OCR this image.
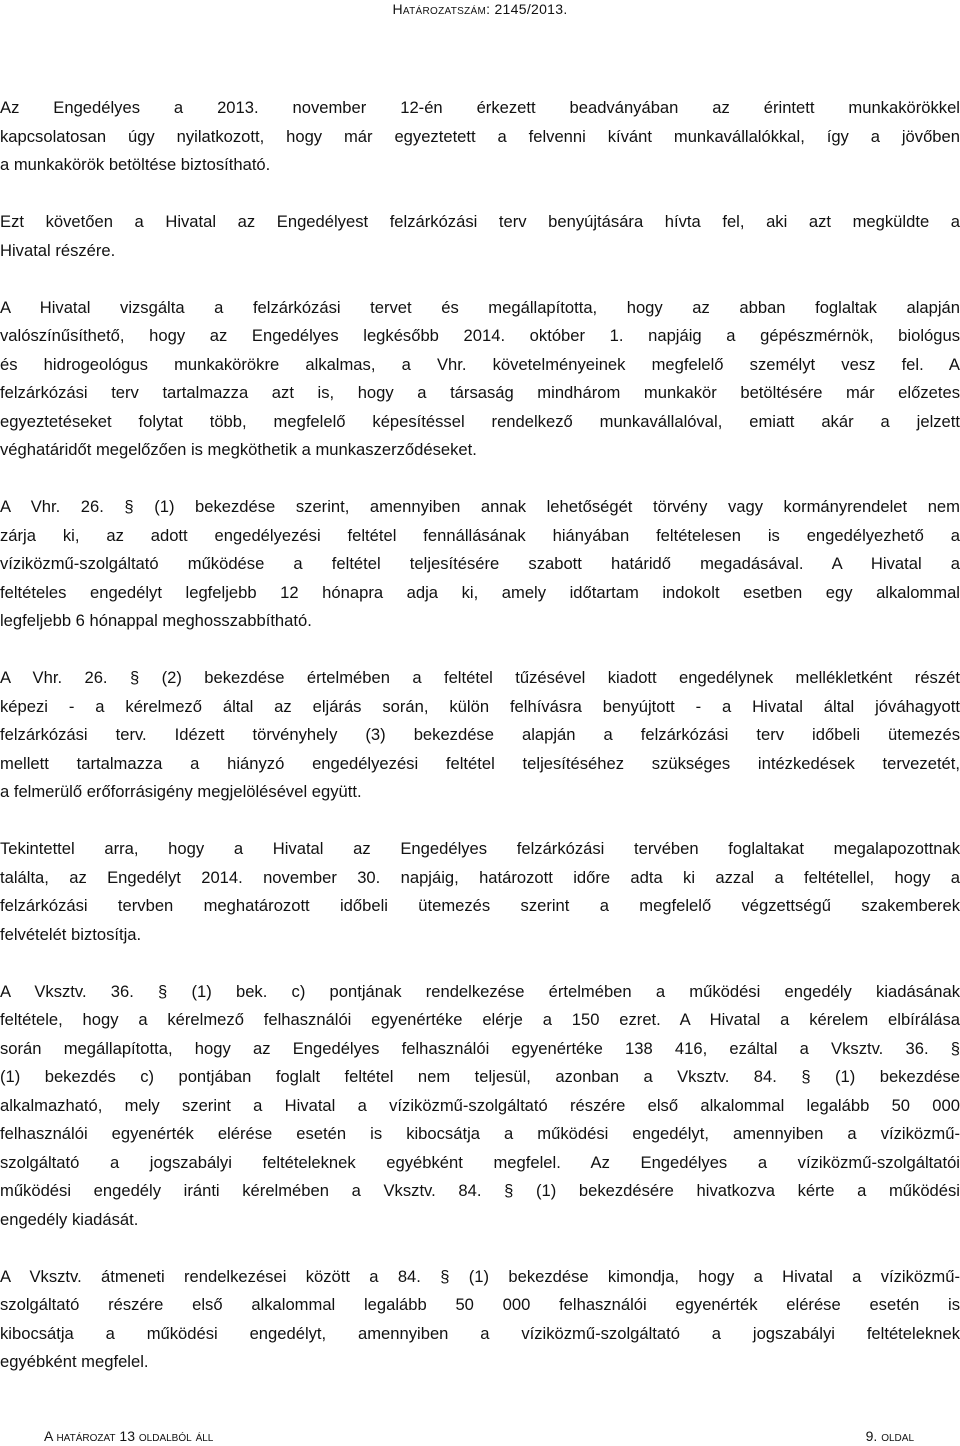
Határozatszám: 2145/2013.
Az Engedélyes a 2013. november 12-én érkezett beadványában az érintett munkakörökkel
kapcsolatosan úgy nyilatkozott, hogy már egyeztetett a felvenni kívánt munkavállalókkal, így a jövőben
a munkakörök betöltése biztosítható.
Ezt követően a Hivatal az Engedélyest felzárkózási terv benyújtására hívta fel, aki azt megküldte a
Hivatal részére.
A Hivatal vizsgálta a felzárkózási tervet és megállapította, hogy az abban foglaltak alapján
valószínűsíthető, hogy az Engedélyes legkésőbb 2014. október 1. napjáig a gépészmérnök, biológus
és hidrogeológus munkakörökre alkalmas, a Vhr. követelményeinek megfelelő személyt vesz fel. A
felzárkózási terv tartalmazza azt is, hogy a társaság mindhárom munkakör betöltésére már előzetes
egyeztetéseket folytat több, megfelelő képesítéssel rendelkező munkavállalóval, emiatt akár a jelzett
véghatáridőt megelőzően is megköthetik a munkaszerződéseket.
A Vhr. 26. § (1) bekezdése szerint, amennyiben annak lehetőségét törvény vagy kormányrendelet nem
zárja ki, az adott engedélyezési feltétel fennállásának hiányában feltételesen is engedélyezhető a
víziközmű-szolgáltató működése a feltétel teljesítésére szabott határidő megadásával. A Hivatal a
feltételes engedélyt legfeljebb 12 hónapra adja ki, amely időtartam indokolt esetben egy alkalommal
legfeljebb 6 hónappal meghosszabbítható.
A Vhr. 26. § (2) bekezdése értelmében a feltétel tűzésével kiadott engedélynek mellékletként részét
képezi - a kérelmező által az eljárás során, külön felhívásra benyújtott - a Hivatal által jóváhagyott
felzárkózási terv. Idézett törvényhely (3) bekezdése alapján a felzárkózási terv időbeli ütemezés
mellett tartalmazza a hiányzó engedélyezési feltétel teljesítéséhez szükséges intézkedések tervezetét,
a felmerülő erőforrásigény megjelölésével együtt.
Tekintettel arra, hogy a Hivatal az Engedélyes felzárkózási tervében foglaltakat megalapozottnak
találta, az Engedélyt 2014. november 30. napjáig, határozott időre adta ki azzal a feltétellel, hogy a
felzárkózási tervben meghatározott időbeli ütemezés szerint a megfelelő végzettségű szakemberek
felvételét biztosítja.
A Vksztv. 36. § (1) bek. c) pontjának rendelkezése értelmében a működési engedély kiadásának
feltétele, hogy a kérelmező felhasználói egyenértéke elérje a 150 ezret. A Hivatal a kérelem elbírálása
során megállapította, hogy az Engedélyes felhasználói egyenértéke 138 416, ezáltal a Vksztv. 36. §
(1) bekezdés c) pontjában foglalt feltétel nem teljesül, azonban a Vksztv. 84. § (1) bekezdése
alkalmazható, mely szerint a Hivatal a víziközmű-szolgáltató részére első alkalommal legalább 50 000
felhasználói egyenérték elérése esetén is kibocsátja a működési engedélyt, amennyiben a víziközmű-
szolgáltató a jogszabályi feltételeknek egyébként megfelel. Az Engedélyes a víziközmű-szolgáltatói
működési engedély iránti kérelmében a Vksztv. 84. § (1) bekezdésére hivatkozva kérte a működési
engedély kiadását.
A Vksztv. átmeneti rendelkezései között a 84. § (1) bekezdése kimondja, hogy a Hivatal a víziközmű-
szolgáltató részére első alkalommal legalább 50 000 felhasználói egyenérték elérése esetén is
kibocsátja a működési engedélyt, amennyiben a víziközmű-szolgáltató a jogszabályi feltételeknek
egyébként megfelel.
A határozat 13 oldalból áll	9. oldal
